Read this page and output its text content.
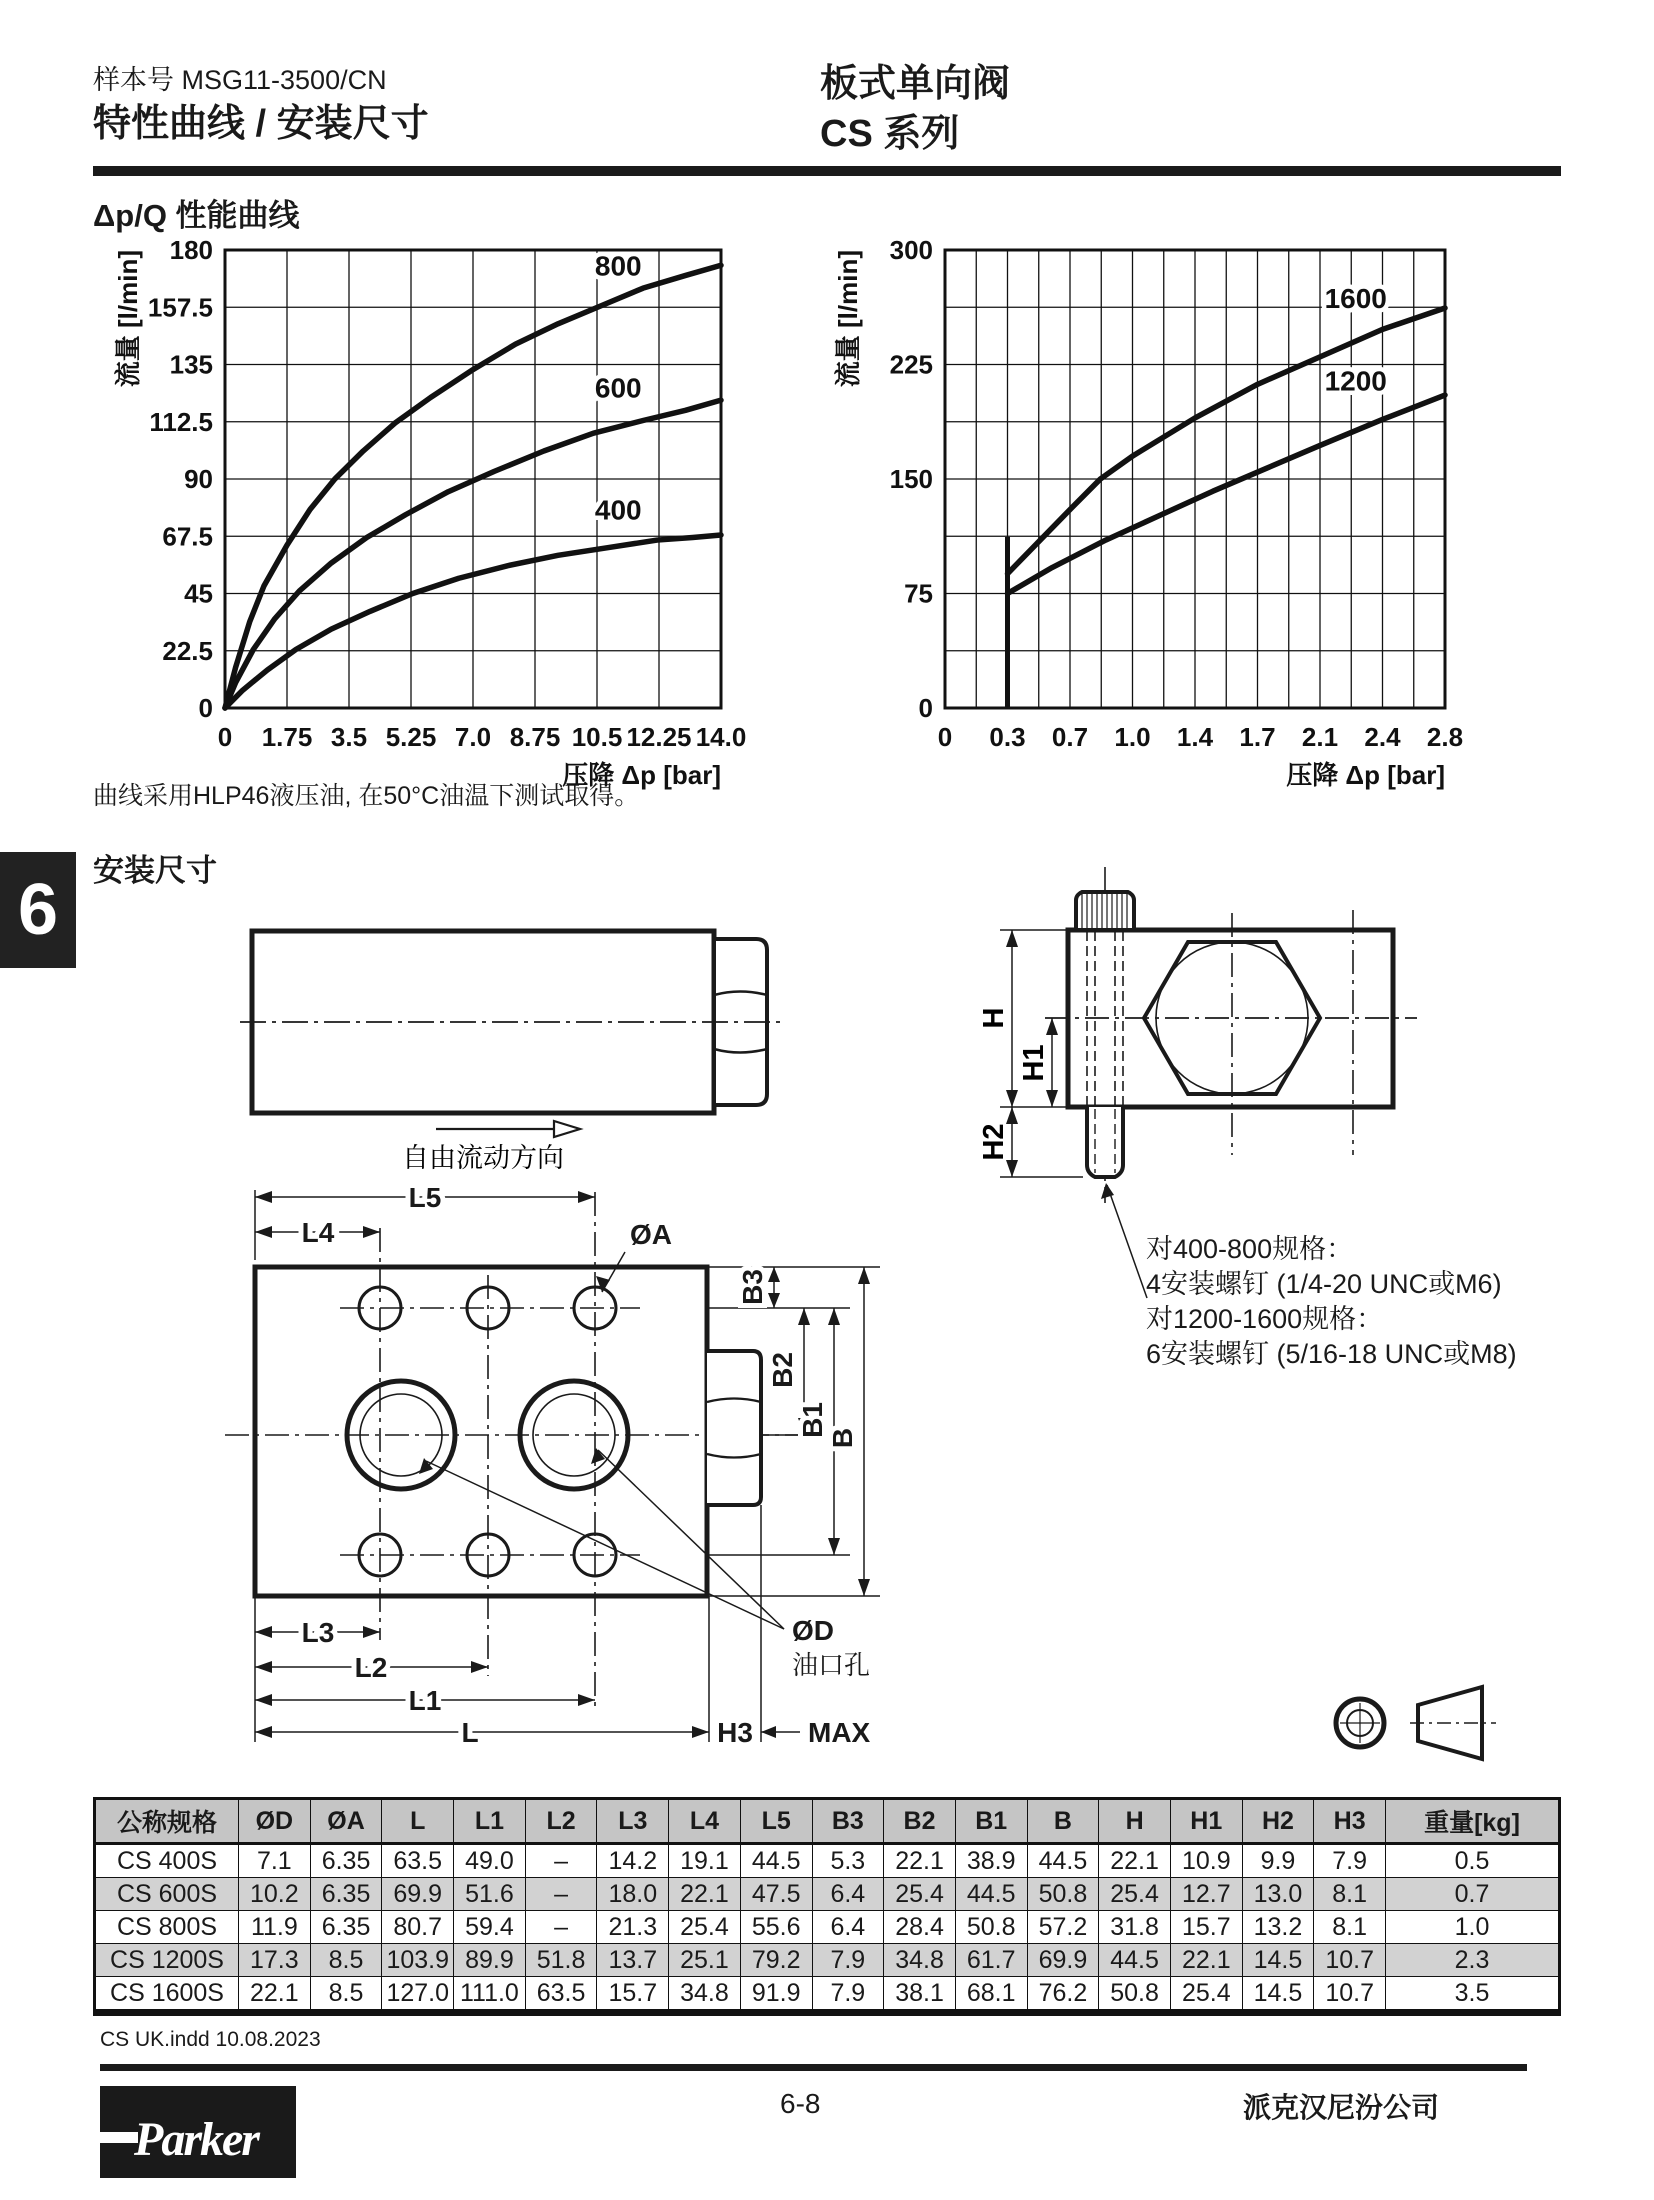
样本号 MSG11-3500/CN
特性曲线 / 安装尺寸
板式单向阀
CS 系列
Δp/Q 性能曲线
800
600
400
0 1.75 3.5 5.25 7.0 8.75 10.5 12.25 14.0
0
22.5
45
67.5
90
112.5
135
157.5
180
压降 Δp [bar]
流量 [l/min]	1600
1200
0 0.3 0.7 1.0 1.4 1.7 2.1 2.4 2.8
0
75
150
225
300
压降 Δp [bar]
流量 [l/min]
曲线采用HLP46液压油, 在50°C油温下测试取得。
6 安装尺寸
自由流动方向
H
H1
H2
对400-800规格：
4安装螺钉 (1/4-20 UNC或M6)
对1200-1600规格：
6安装螺钉 (5/16-18 UNC或M8)
L5
L4	ØA
B3
B2
B1
B
L3
L2
L1
L	H3 MAX
ØD
油口孔
公称规格	ØD	ØA	L	L1	L2	L3	L4	L5	B3	B2	B1	B	H	H1	H2	H3	重量[kg]
CS 400S	7.1	6.35	63.5	49.0	–	14.2	19.1	44.5	5.3	22.1	38.9	44.5	22.1	10.9	9.9	7.9	0.5
CS 600S	10.2	6.35	69.9	51.6	–	18.0	22.1	47.5	6.4	25.4	44.5	50.8	25.4	12.7	13.0	8.1	0.7
CS 800S	11.9	6.35	80.7	59.4	–	21.3	25.4	55.6	6.4	28.4	50.8	57.2	31.8	15.7	13.2	8.1	1.0
CS 1200S	17.3	8.5	103.9	89.9	51.8	13.7	25.1	79.2	7.9	34.8	61.7	69.9	44.5	22.1	14.5	10.7	2.3
CS 1600S	22.1	8.5	127.0	111.0	63.5	15.7	34.8	91.9	7.9	38.1	68.1	76.2	50.8	25.4	14.5	10.7	3.5
CS UK.indd 10.08.2023
Parker
6-8	派克汉尼汾公司
